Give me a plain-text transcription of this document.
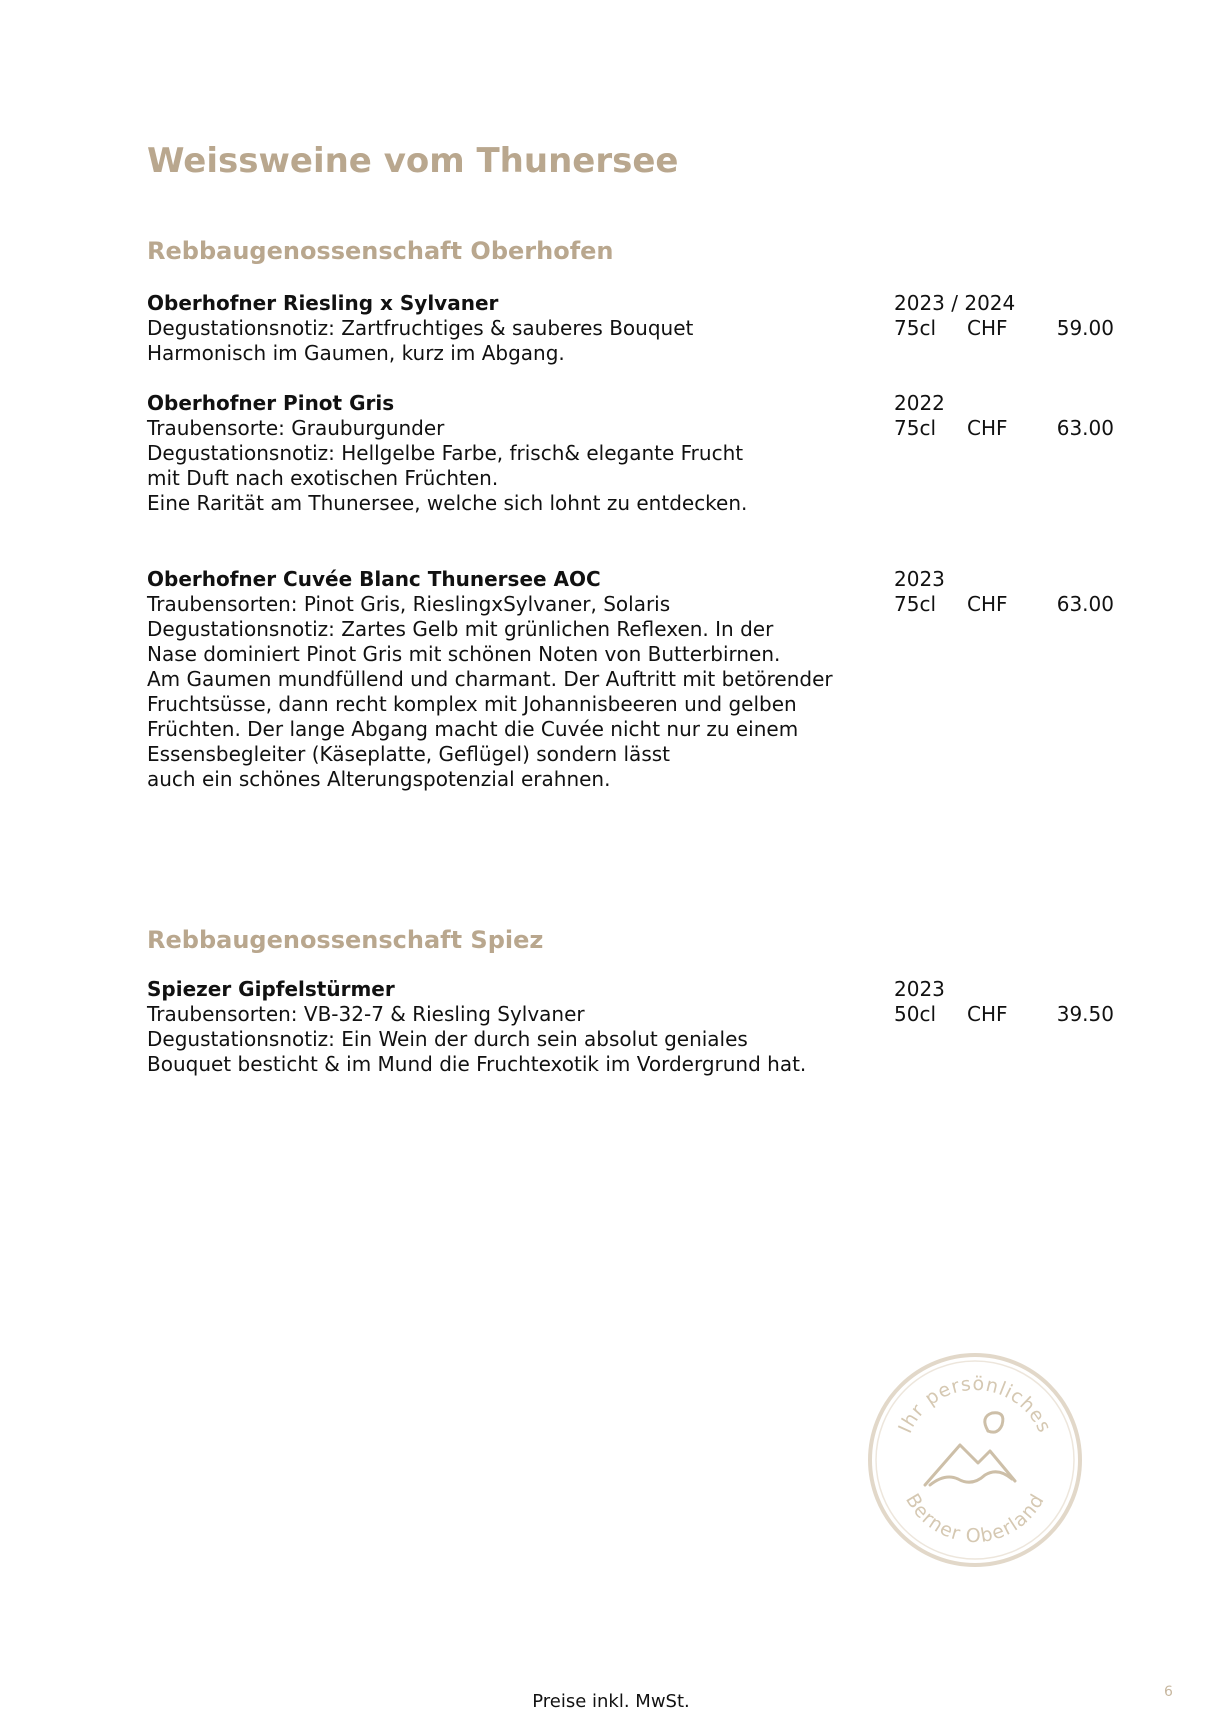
Weissweine vom Thunersee
Rebbaugenossenschaft Oberhofen
Oberhofner Riesling x Sylvaner
Degustationsnotiz: Zartfruchtiges & sauberes Bouquet
Harmonisch im Gaumen, kurz im Abgang.
2023 / 2024
75cl CHF 59.00
Oberhofner Pinot Gris
Traubensorte: Grauburgunder
Degustationsnotiz: Hellgelbe Farbe, frisch& elegante Frucht
mit Duft nach exotischen Früchten.
Eine Rarität am Thunersee, welche sich lohnt zu entdecken.
2022
75cl CHF 63.00
Oberhofner Cuvée Blanc Thunersee AOC
Traubensorten: Pinot Gris, RieslingxSylvaner, Solaris
Degustationsnotiz: Zartes Gelb mit grünlichen Reflexen. In der
Nase dominiert Pinot Gris mit schönen Noten von Butterbirnen.
Am Gaumen mundfüllend und charmant. Der Auftritt mit betörender
Fruchtsüsse, dann recht komplex mit Johannisbeeren und gelben
Früchten. Der lange Abgang macht die Cuvée nicht nur zu einem
Essensbegleiter (Käseplatte, Geflügel) sondern lässt
auch ein schönes Alterungspotenzial erahnen.
2023
75cl CHF 63.00
Rebbaugenossenschaft Spiez
Spiezer Gipfelstürmer
Traubensorten: VB-32-7 & Riesling Sylvaner
Degustationsnotiz: Ein Wein der durch sein absolut geniales
Bouquet besticht & im Mund die Fruchtexotik im Vordergrund hat.
2023
50cl CHF 39.50
Ihr persönliches
Berner Oberland
Preise inkl. MwSt.	6
